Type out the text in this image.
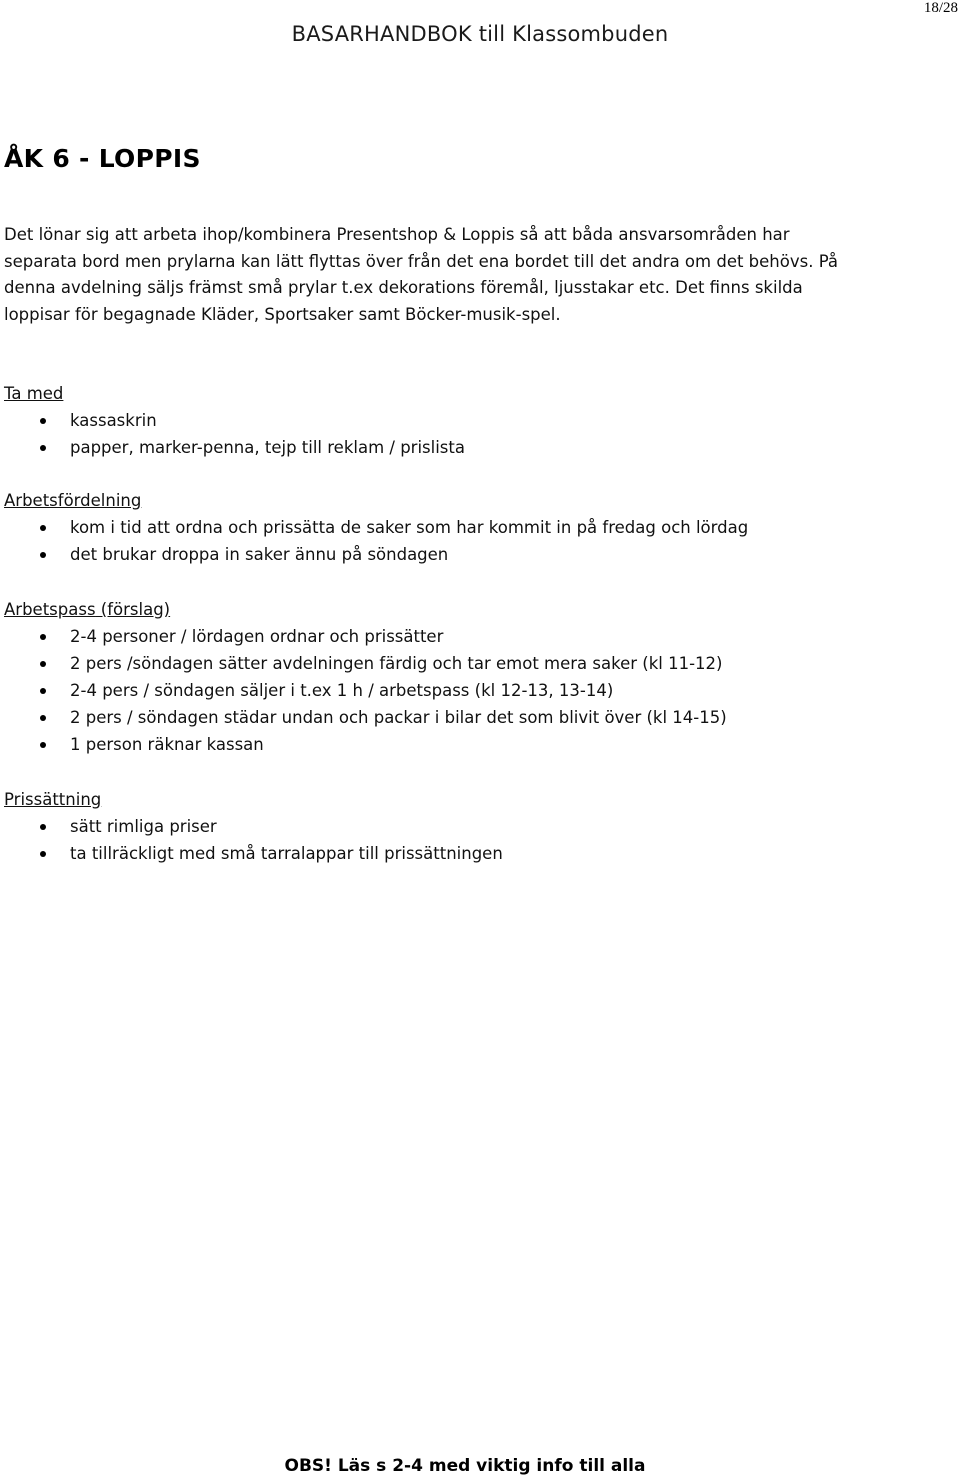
18/28
BASARHANDBOK till Klassombuden
ÅK 6 - LOPPIS
Det lönar sig att arbeta ihop/kombinera Presentshop & Loppis så att båda ansvarsområden har
separata bord men prylarna kan lätt flyttas över från det ena bordet till det andra om det behövs. På
denna avdelning säljs främst små prylar t.ex dekorations föremål, ljusstakar etc. Det finns skilda
loppisar för begagnade Kläder, Sportsaker samt Böcker-musik-spel.
Ta med
kassaskrin
papper, marker-penna, tejp till reklam / prislista
Arbetsfördelning
kom i tid att ordna och prissätta de saker som har kommit in på fredag och lördag
det brukar droppa in saker ännu på söndagen
Arbetspass (förslag)
2-4 personer / lördagen ordnar och prissätter
2 pers /söndagen sätter avdelningen färdig och tar emot mera saker (kl 11-12)
2-4 pers / söndagen säljer i t.ex 1 h / arbetspass (kl 12-13, 13-14)
2 pers / söndagen städar undan och packar i bilar det som blivit över (kl 14-15)
1 person räknar kassan
Prissättning
sätt rimliga priser
ta tillräckligt med små tarralappar till prissättningen
OBS! Läs s 2-4 med viktig info till alla
